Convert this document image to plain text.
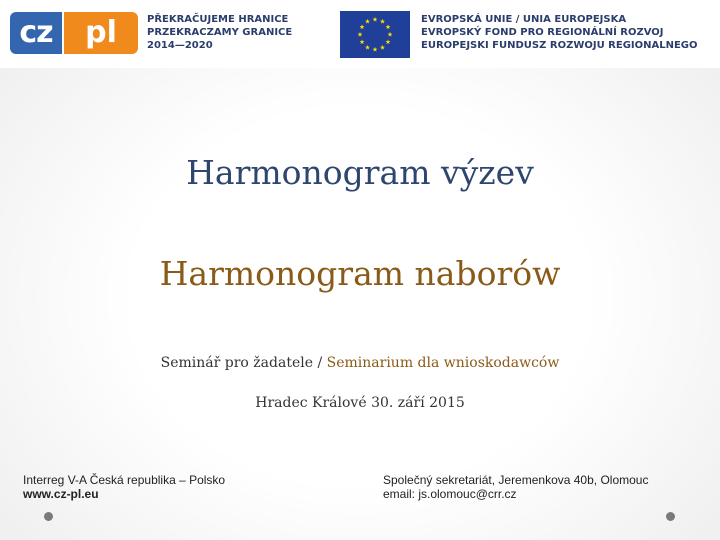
cz	pl	PŘEKRAČUJEME HRANICE
PRZEKRACZAMY GRANICE
2014—2020
EVROPSKÁ UNIE / UNIA EUROPEJSKA
EVROPSKÝ FOND PRO REGIONÁLNÍ ROZVOJ
EUROPEJSKI FUNDUSZ ROZWOJU REGIONALNEGO
Harmonogram výzev
Harmonogram naborów
Seminář pro žadatele / Seminarium dla wnioskodawców
Hradec Králové 30. září 2015
Interreg V-A Česká republika – Polsko
www.cz-pl.eu
Společný sekretariát, Jeremenkova 40b, Olomouc
email: js.olomouc@crr.cz
